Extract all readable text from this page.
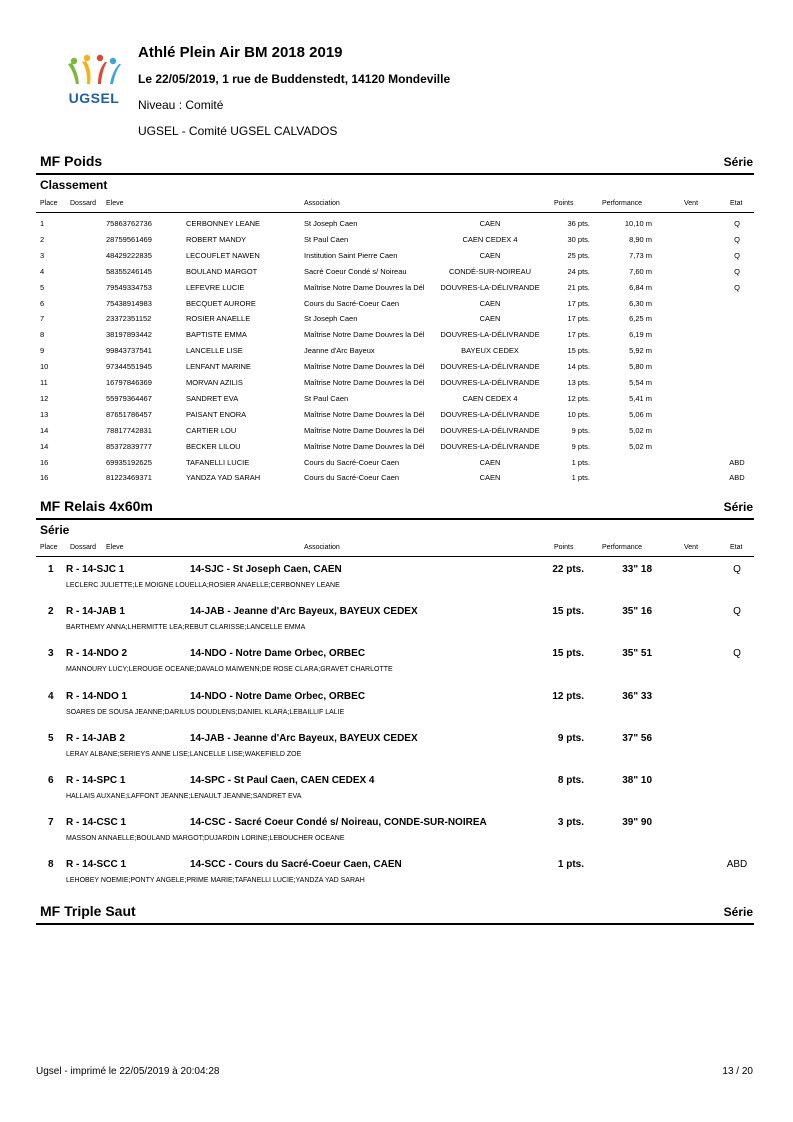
UGSEL
Athlé Plein Air BM 2018 2019
Le 22/05/2019, 1 rue de Buddenstedt, 14120 Mondeville
Niveau : Comité
UGSEL - Comité UGSEL CALVADOS
MF Poids	Série
Classement
Place Dossard Eleve	Association	Points	Performance	Vent	Etat
1	75863762736	CERBONNEY LEANE	St Joseph Caen	CAEN	36 pts.	10,10 m	Q
2	28759561469	ROBERT MANDY	St Paul Caen	CAEN CEDEX 4	30 pts.	8,90 m	Q
3	48429222835	LECOUFLET NAWEN	Institution Saint Pierre Caen	CAEN	25 pts.	7,73 m	Q
4	58355246145	BOULAND MARGOT	Sacré Coeur Condé s/ Noireau	CONDÉ-SUR-NOIREAU	24 pts.	7,60 m	Q
5	79549334753	LEFEVRE LUCIE	Maîtrise Notre Dame Douvres la Dél	DOUVRES-LA-DÉLIVRANDE	21 pts.	6,84 m	Q
6	75438914983	BECQUET AURORE	Cours du Sacré-Coeur Caen	CAEN	17 pts.	6,30 m
7	23372351152	ROSIER ANAELLE	St Joseph Caen	CAEN	17 pts.	6,25 m
8	38197893442	BAPTISTE EMMA	Maîtrise Notre Dame Douvres la Dél	DOUVRES-LA-DÉLIVRANDE	17 pts.	6,19 m
9	99843737541	LANCELLE LISE	Jeanne d'Arc Bayeux	BAYEUX CEDEX	15 pts.	5,92 m
10	97344551945	LENFANT MARINE	Maîtrise Notre Dame Douvres la Dél	DOUVRES-LA-DÉLIVRANDE	14 pts.	5,80 m
11	16797846369	MORVAN AZILIS	Maîtrise Notre Dame Douvres la Dél	DOUVRES-LA-DÉLIVRANDE	13 pts.	5,54 m
12	55979364467	SANDRET EVA	St Paul Caen	CAEN CEDEX 4	12 pts.	5,41 m
13	87651786457	PAISANT ENORA	Maîtrise Notre Dame Douvres la Dél	DOUVRES-LA-DÉLIVRANDE	10 pts.	5,06 m
14	78817742831	CARTIER LOU	Maîtrise Notre Dame Douvres la Dél	DOUVRES-LA-DÉLIVRANDE	9 pts.	5,02 m
14	85372839777	BECKER LILOU	Maîtrise Notre Dame Douvres la Dél	DOUVRES-LA-DÉLIVRANDE	9 pts.	5,02 m
16	69935192625	TAFANELLI LUCIE	Cours du Sacré-Coeur Caen	CAEN	1 pts.	ABD
16	81223469371	YANDZA YAD SARAH	Cours du Sacré-Coeur Caen	CAEN	1 pts.	ABD
MF Relais 4x60m	Série
Série
Place Dossard Eleve	Association	Points	Performance	Vent	Etat
1 R - 14-SJC 1	14-SJC - St Joseph Caen, CAEN	22 pts.	33" 18	Q
LECLERC JULIETTE;LE MOIGNE LOUELLA;ROSIER ANAELLE;CERBONNEY LEANE
2 R - 14-JAB 1	14-JAB - Jeanne d'Arc Bayeux, BAYEUX CEDEX	15 pts.	35" 16	Q
BARTHEMY ANNA;LHERMITTE LEA;REBUT CLARISSE;LANCELLE EMMA
3 R - 14-NDO 2	14-NDO - Notre Dame Orbec, ORBEC	15 pts.	35" 51	Q
MANNOURY LUCY;LEROUGE OCEANE;DAVALO MAIWENN;DE ROSE CLARA;GRAVET CHARLOTTE
4 R - 14-NDO 1	14-NDO - Notre Dame Orbec, ORBEC	12 pts.	36" 33
SOARES DE SOUSA JEANNE;DARILUS DOUDLENS;DANIEL KLARA;LEBAILLIF LALIE
5 R - 14-JAB 2	14-JAB - Jeanne d'Arc Bayeux, BAYEUX CEDEX	9 pts.	37" 56
LERAY ALBANE;SERIEYS ANNE LISE;LANCELLE LISE;WAKEFIELD ZOE
6 R - 14-SPC 1	14-SPC - St Paul Caen, CAEN CEDEX 4	8 pts.	38" 10
HALLAIS AUXANE;LAFFONT JEANNE;LENAULT JEANNE;SANDRET EVA
7 R - 14-CSC 1	14-CSC - Sacré Coeur Condé s/ Noireau, CONDÉ-SUR-NOIREA	3 pts.	39" 90
MASSON ANNAELLE;BOULAND MARGOT;DUJARDIN LORINE;LEBOUCHER OCEANE
8 R - 14-SCC 1	14-SCC - Cours du Sacré-Coeur Caen, CAEN	1 pts.	ABD
LEHOBEY NOEMIE;PONTY ANGELE;PRIME MARIE;TAFANELLI LUCIE;YANDZA YAD SARAH
MF Triple Saut	Série
Ugsel - imprimé le 22/05/2019 à 20:04:28	13 / 20
